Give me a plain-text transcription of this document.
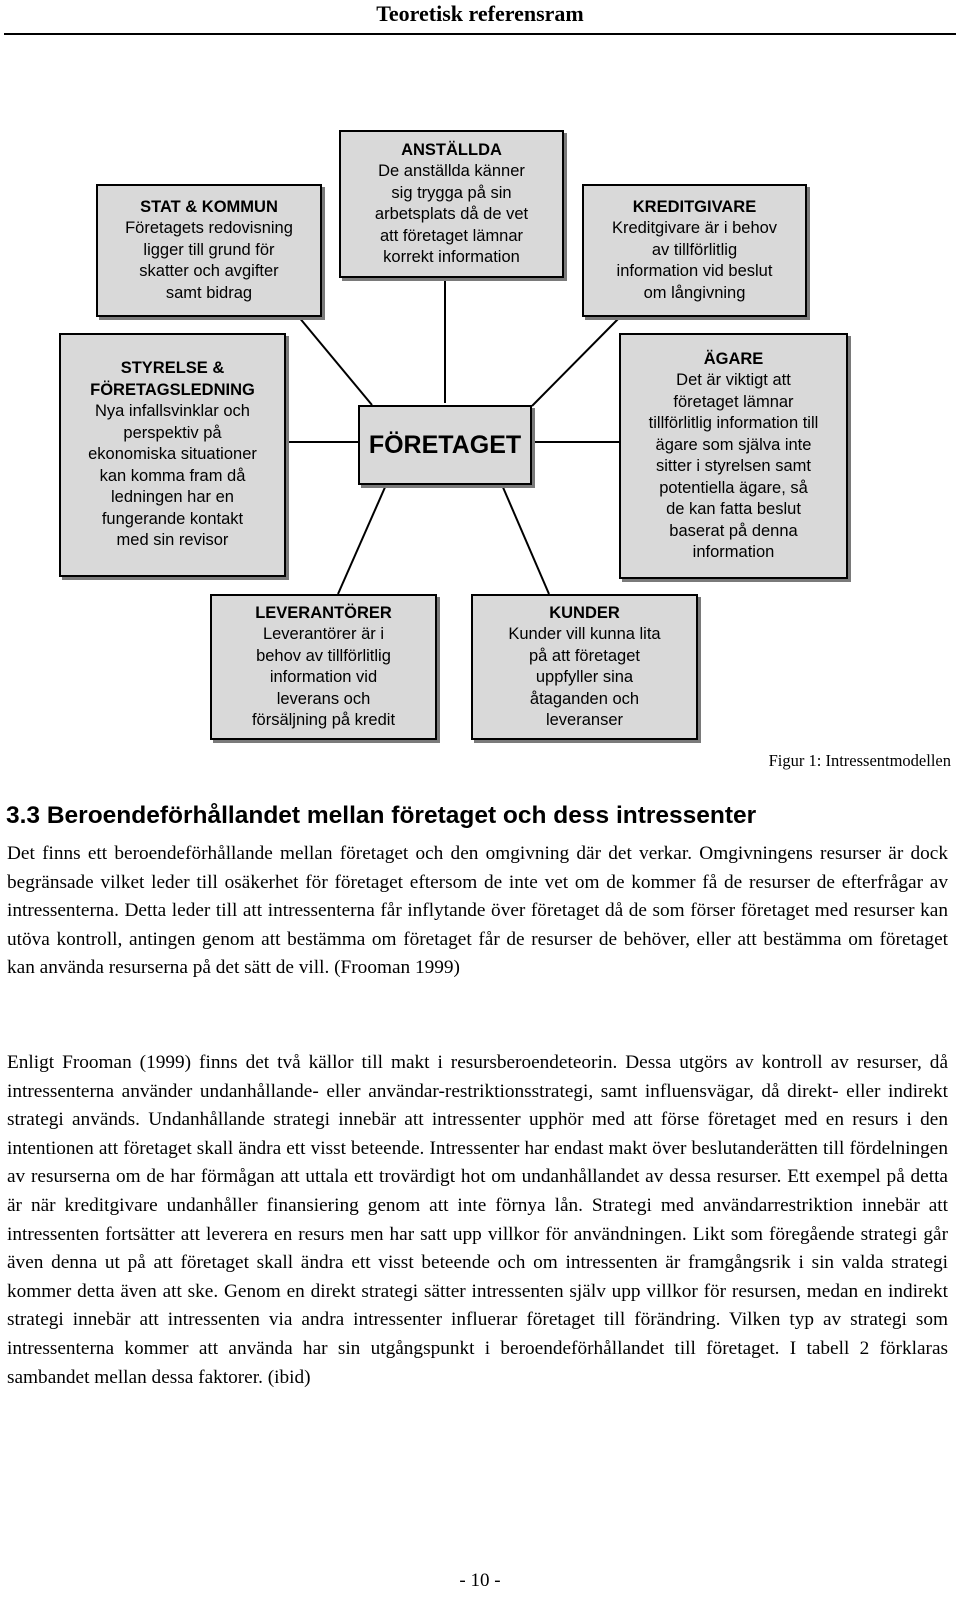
Teoretisk referensram
STAT & KOMMUN
Företagets redovisning
ligger till grund för
skatter och avgifter
samt bidrag
ANSTÄLLDA
De anställda känner
sig trygga på sin
arbetsplats då de vet
att företaget lämnar
korrekt information
KREDITGIVARE
Kreditgivare är i behov
av tillförlitlig
information vid beslut
om långivning
STYRELSE &
FÖRETAGSLEDNING
Nya infallsvinklar och
perspektiv på
ekonomiska situationer
kan komma fram då
ledningen har en
fungerande kontakt
med sin revisor
FÖRETAGET
ÄGARE
Det är viktigt att
företaget lämnar
tillförlitlig information till
ägare som själva inte
sitter i styrelsen samt
potentiella ägare, så
de kan fatta beslut
baserat på denna
information
LEVERANTÖRER
Leverantörer är i
behov av tillförlitlig
information vid
leverans och
försäljning på kredit
KUNDER
Kunder vill kunna lita
på att företaget
uppfyller sina
åtaganden och
leveranser
Figur 1: Intressentmodellen
3.3 Beroendeförhållandet mellan företaget och dess intressenter

Det finns ett beroendeförhållande mellan företaget och den omgivning där det verkar. Omgivningens resurser är dock begränsade vilket leder till osäkerhet för företaget eftersom de inte vet om de kommer få de resurser de efterfrågar av intressenterna. Detta leder till att intressenterna får inflytande över företaget då de som förser företaget med resurser kan utöva kontroll, antingen genom att bestämma om företaget får de resurser de behöver, eller att bestämma om företaget kan använda resurserna på det sätt de vill. (Frooman 1999)

Enligt Frooman (1999) finns det två källor till makt i resursberoendeteorin. Dessa utgörs av kontroll av resurser, då intressenterna använder undanhållande- eller användar-restriktionsstrategi, samt influensvägar, då direkt- eller indirekt strategi används. Undanhållande strategi innebär att intressenter upphör med att förse företaget med en resurs i den intentionen att företaget skall ändra ett visst beteende. Intressenter har endast makt över beslutanderätten till fördelningen av resurserna om de har förmågan att uttala ett trovärdigt hot om undanhållandet av dessa resurser. Ett exempel på detta är när kreditgivare undanhåller finansiering genom att inte förnya lån. Strategi med användarrestriktion innebär att intressenten fortsätter att leverera en resurs men har satt upp villkor för användningen. Likt som föregående strategi går även denna ut på att företaget skall ändra ett visst beteende och om intressenten är framgångsrik i sin valda strategi kommer detta även att ske. Genom en direkt strategi sätter intressenten själv upp villkor för resursen, medan en indirekt strategi innebär att intressenten via andra intressenter influerar företaget till förändring. Vilken typ av strategi som intressenterna kommer att använda har sin utgångspunkt i beroendeförhållandet till företaget. I tabell 2 förklaras sambandet mellan dessa faktorer. (ibid)

- 10 -
